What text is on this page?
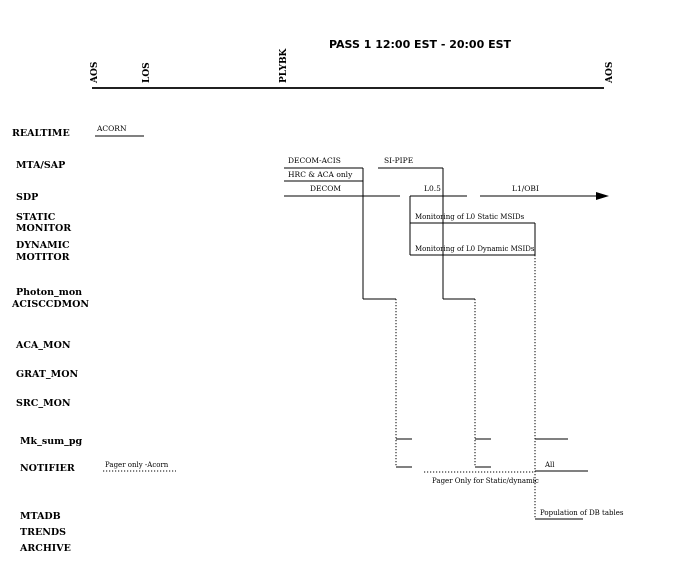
PASS 1 12:00 EST - 20:00 EST
AOS	LOS	PLYBK	AOS
REALTIME
MTA/SAP
SDP
STATIC
MONITOR
DYNAMIC
MOTITOR
Photon_mon
ACISCCDMON
ACA_MON
GRAT_MON
SRC_MON
Mk_sum_pg
NOTIFIER
MTADB
TRENDS
ARCHIVE
ACORN
DECOM-ACIS
HRC & ACA only
SI-PIPE
DECOM	L0.5	L1/OBI
Monitoring of L0 Static MSIDs
Monitoring of L0 Dynamic MSIDs
Pager only -Acorn	All
Pager Only for Static/dynamic
Population of DB tables
